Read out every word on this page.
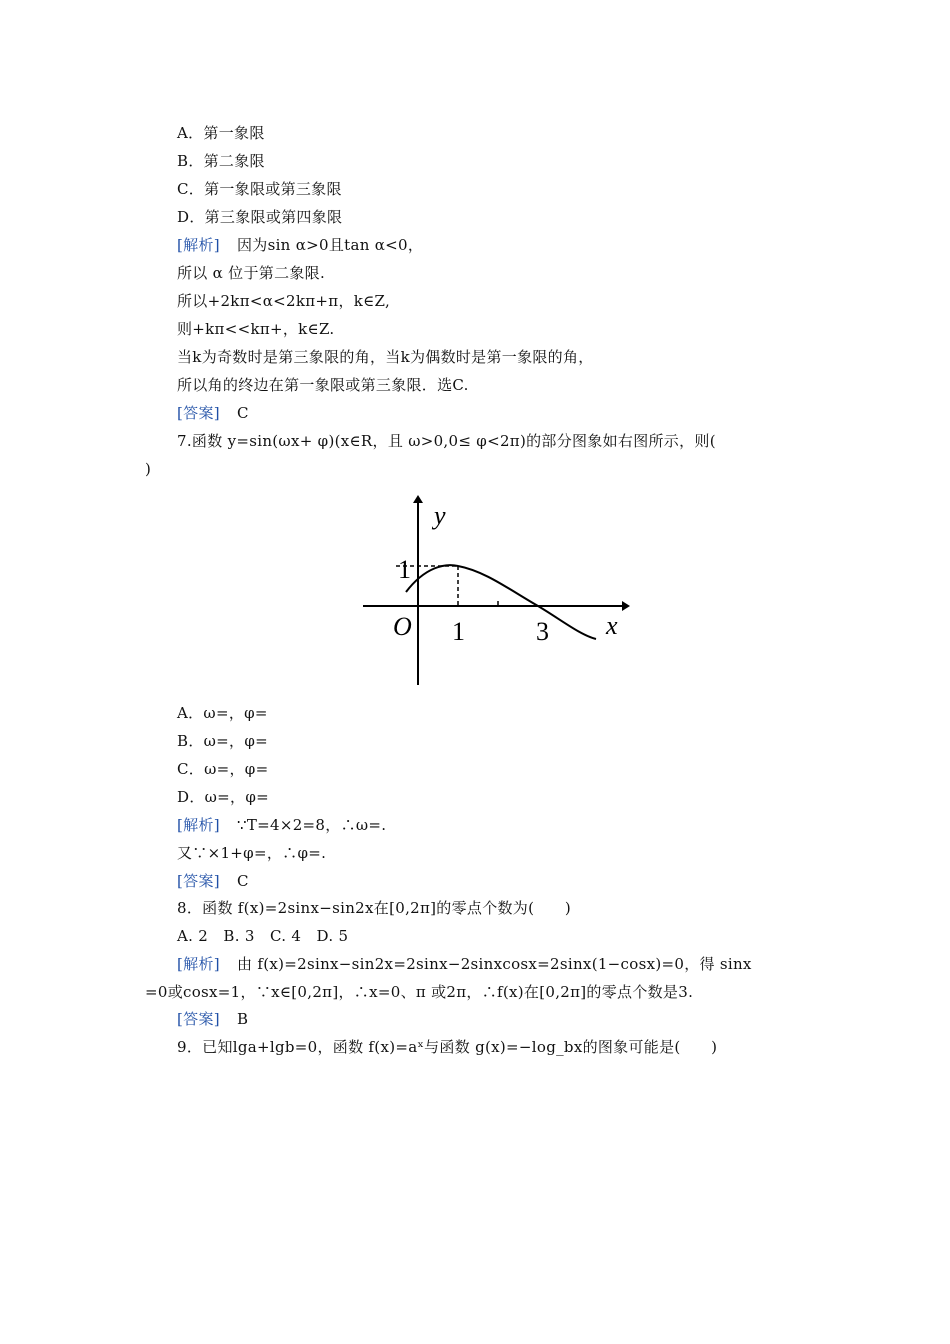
A．第一象限
B．第二象限
C．第一象限或第三象限
D．第三象限或第四象限
[解析] 因为sin α>0且tan α<0，
所以 α 位于第二象限.
所以+2kπ<α<2kπ+π，k∈Z,
则+kπ<<kπ+，k∈Z.
当k为奇数时是第三象限的角，当k为偶数时是第一象限的角，
所以角的终边在第一象限或第三象限．选C.
[答案] C
7.函数 y=sin(ωx+ φ)(x∈R，且 ω>0,0≤ φ<2π)的部分图象如右图所示，则(
)
y
x
O 1	3
1
A．ω=，φ=
B．ω=，φ=
C．ω=，φ=
D．ω=，φ=
[解析] ∵T=4×2=8，∴ω=.
又∵×1+φ=，∴φ=.
[答案] C
8．函数 f(x)=2sinx−sin2x在[0,2π]的零点个数为(　　)
A. 2　B. 3　C. 4　D. 5
[解析] 由 f(x)=2sinx−sin2x=2sinx−2sinxcosx=2sinx(1−cosx)=0，得 sinx
=0或cosx=1，∵x∈[0,2π]，∴x=0、π 或2π，∴f(x)在[0,2π]的零点个数是3.
[答案] B
9．已知lga+lgb=0，函数 f(x)=aˣ与函数 g(x)=−log_bx的图象可能是(　　)
